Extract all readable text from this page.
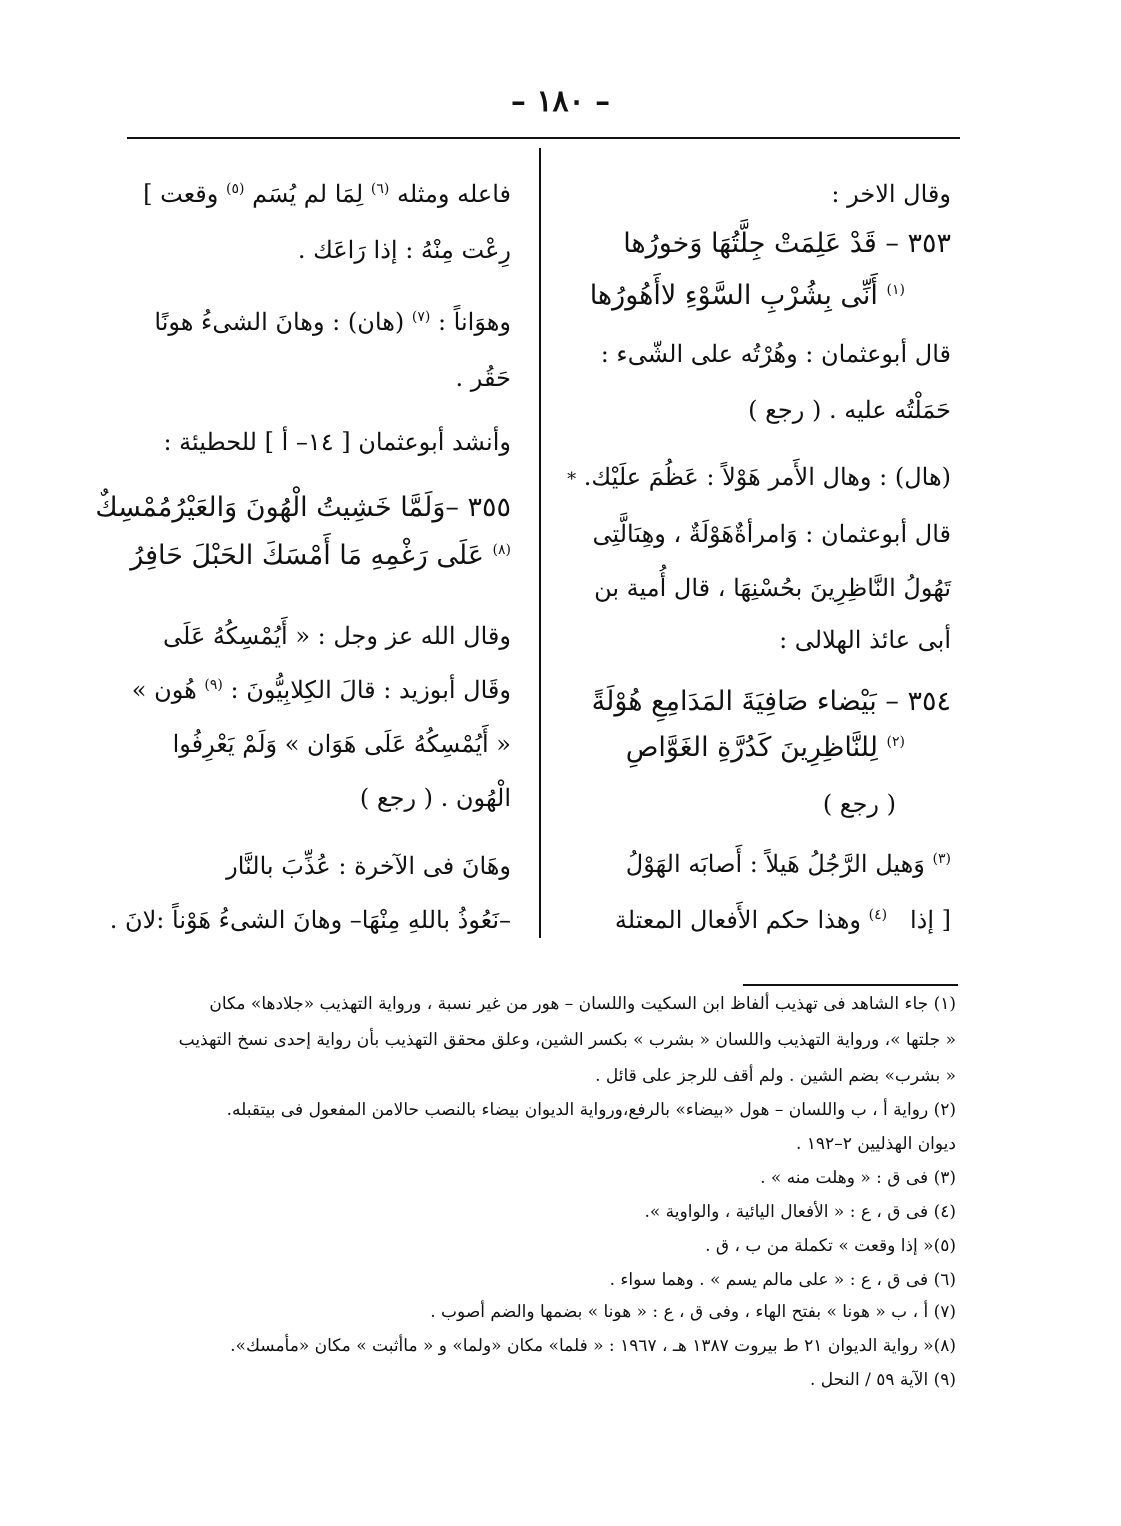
– ١٨٠ –
وقال الاخر :
٣٥٣ – قَدْ عَلِمَتْ جِلَّتُهَا وَخورُها
$^{(١)}$ أَنِّى بِشُرْبِ السَّوْءِ لاأَهُورُها
قال أبوعثمان : وهُرْتُه على الشّىء :
حَمَلْتُه عليه . ( رجع )
(هال) : وهال الأَمر هَوْلاً : عَظُمَ علَيْك. *
قال أبوعثمان : وَامرأةٌهَوْلَةٌ ، وهِىَالَّتِى
تَهُولُ النَّاظِرِينَ بحُسْنِهَا ، قال أُمية بن
أبى عائذ الهلالى :
٣٥٤ – بَيْضاء صَافِيَةَ المَدَامِعِ هُوْلَةً
$^{(٢)}$ لِلنَّاظِرِينَ كَدُرَّةِ الغَوَّاصِ
( رجع )
$^{(٣)}$ وَهيل الرَّجُلُ هَيلاً : أَصابَه الهَوْلُ
[ إذا   $^{(٤)}$ وهذا حكم الأَفعال المعتلة
فاعله ومثله $^{(٦)}$ لِمَا لم يُسَم $^{(٥)}$ وقعت ]
رِعْت مِنْهُ : إذا رَاعَك .
وهوَاناً : $^{(٧)}$ (هان) : وهانَ الشىءُ هونًا
حَقُر .
وأنشد أبوعثمان [ ١٤– أ ] للحطيئة :
٣٥٥ –وَلَمَّا خَشِيتُ الْهُونَ وَالعَيْرُمُمْسِكٌ
$^{(٨)}$ عَلَى رَغْمِهِ مَا أَمْسَكَ الحَبْلَ حَافِرُ
وقال الله عز وجل : « أَيُمْسِكُهُ عَلَى
وقَال أبوزيد : قالَ الكِلابِيُّونَ : $^{(٩)}$ هُون »
« أَيُمْسِكُهُ عَلَى هَوَان » وَلَمْ يَعْرِفُوا
الْهُون . ( رجع )
وهَانَ فى الآخرة : عُذِّبَ بالنَّار
–نَعُوذُ باللهِ مِنْهَا– وهانَ الشىءُ هَوْناً :لانَ .
(١) جاء الشاهد فى تهذيب ألفاظ ابن السكيت واللسان – هور من غير نسبة ، ورواية التهذيب «جلادها» مكان
« جلتها »، ورواية التهذيب واللسان « بشرب » بكسر الشين، وعلق محقق التهذيب بأن رواية إحدى نسخ التهذيب
« بشرب» بضم الشين . ولم أقف للرجز على قائل .
(٢) رواية أ ، ب واللسان – هول «بيضاء» بالرفع،ورواية الديوان بيضاء بالنصب حالامن المفعول فى بيتقبله.
ديوان الهذليين ٢–١٩٢ .
(٣) فى ق : « وهلت منه » .
(٤) فى ق ، ع : « الأفعال اليائية ، والواوية ».
(٥)« إذا وقعت » تكملة من ب ، ق .
(٦) فى ق ، ع : « على مالم يسم » . وهما سواء .
(٧) أ ، ب « هونا » بفتح الهاء ، وفى ق ، ع : « هونا » بضمها والضم أصوب .
(٨)« رواية الديوان ٢١ ط بيروت ١٣٨٧ هـ ، ١٩٦٧ : « فلما» مكان «ولما» و « ماأثبت » مكان «مأمسك».
(٩) الآية ٥٩ / النحل .
